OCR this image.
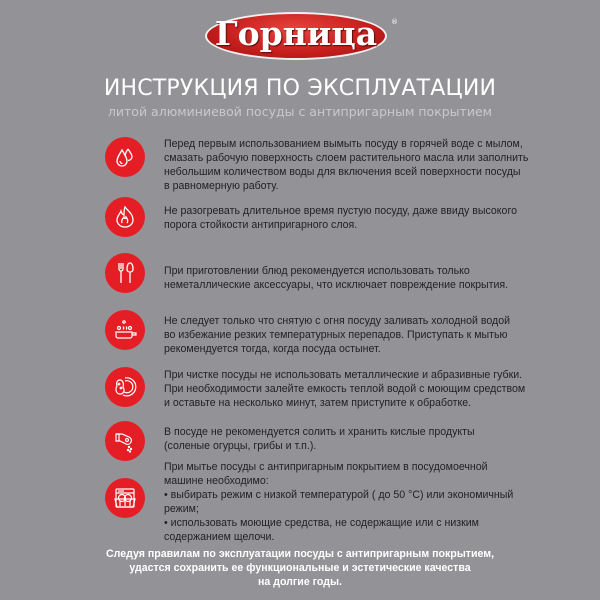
Горница	®
ИНСТРУКЦИЯ ПО ЭКСПЛУАТАЦИИ
литой алюминиевой посуды с антипригарным покрытием
Перед первым использованием вымыть посуду в горячей воде с мылом,
смазать рабочую поверхность слоем растительного масла или заполнить
небольшим количеством воды для включения всей поверхности посуды
в равномерную работу.
Не разогревать длительное время пустую посуду, даже ввиду высокого
порога стойкости антипригарного слоя.
При приготовлении блюд рекомендуется использовать только
неметаллические аксессуары, что исключает повреждение покрытия.
Не следует только что снятую с огня посуду заливать холодной водой
во избежание резких температурных перепадов. Приступать к мытью
рекомендуется тогда, когда посуда остынет.
При чистке посуды не использовать металлические и абразивные губки.
При необходимости залейте емкость теплой водой с моющим средством
и оставьте на несколько минут, затем приступите к обработке.
В посуде не рекомендуется солить и хранить кислые продукты
(соленые огурцы, грибы и т.п.).
При мытье посуды с антипригарным покрытием в посудомоечной
машине необходимо:
• выбирать режим с низкой температурой ( до 50 °С) или экономичный
режим;
• использовать моющие средства, не содержащие или с низким
содержанием щелочи.
Следуя правилам по эксплуатации посуды с антипригарным покрытием,
удастся сохранить ее функциональные и эстетические качества
на долгие годы.
